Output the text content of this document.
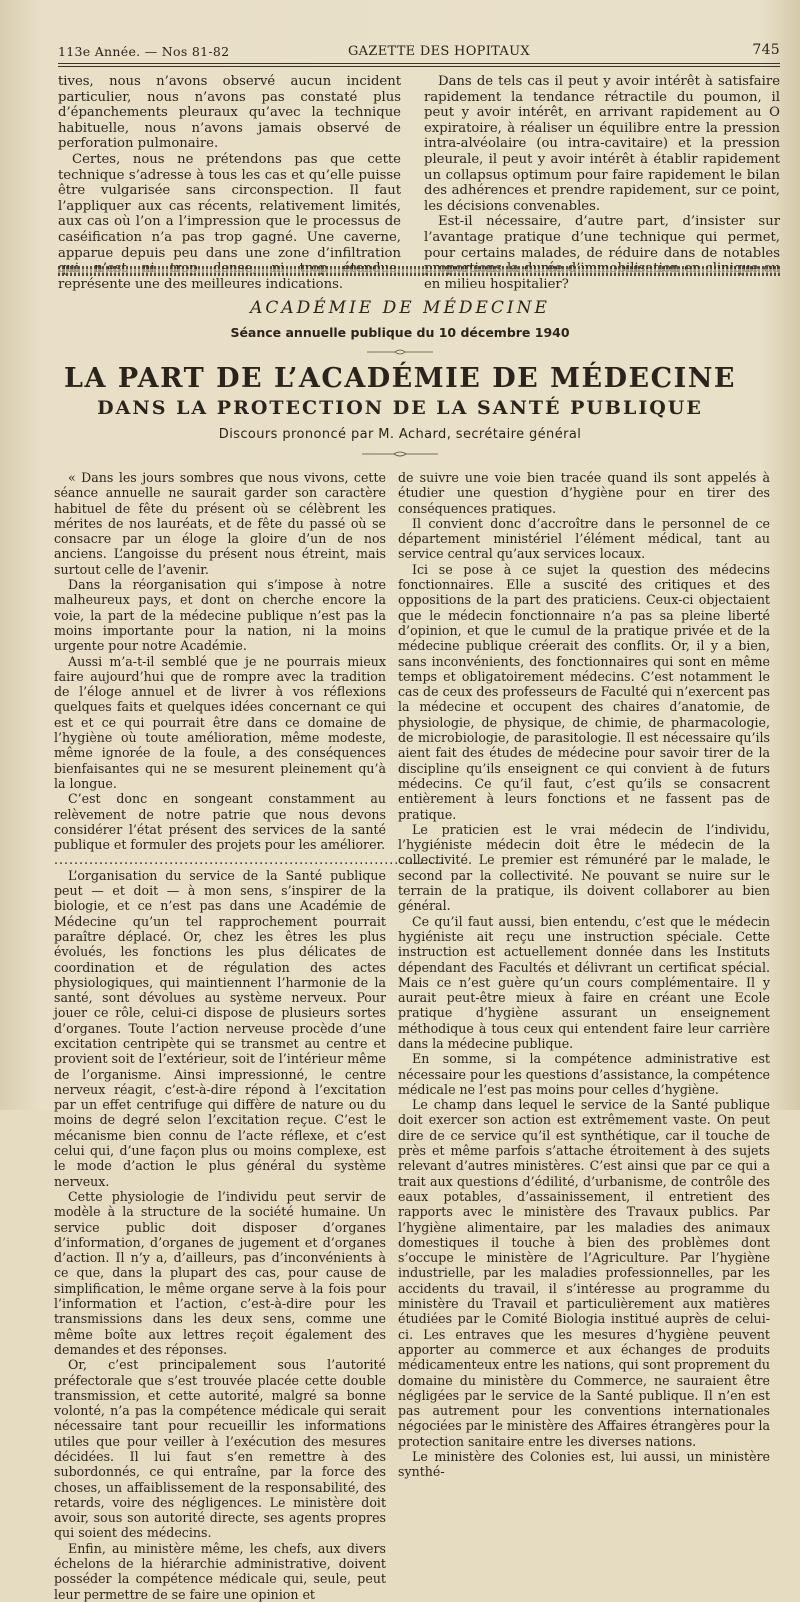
113e Année. — Nos 81-82	GAZETTE DES HOPITAUX	745

tives, nous n’avons observé aucun incident particulier, nous n’avons pas constaté plus d’épanchements pleuraux qu’avec la technique habituelle, nous n’avons jamais observé de perforation pulmonaire.

Certes, nous ne prétendons pas que cette technique s’adresse à tous les cas et qu’elle puisse être vulgarisée sans circonspection. Il faut l’appliquer aux cas récents, relativement limités, aux cas où l’on a l’impression que le processus de caséification n’a pas trop gagné. Une caverne, apparue depuis peu dans une zone d’infiltration représente une des meilleures indications.

Dans de tels cas il peut y avoir intérêt à satisfaire rapidement la tendance rétractile du poumon, il peut y avoir intérêt, en arrivant rapidement au O expiratoire, à réaliser un équilibre entre la pression intra-alvéolaire (ou intra-cavitaire) et la pression pleurale, il peut y avoir intérêt à établir rapidement un collapsus optimum pour faire rapidement le bilan des adhérences et prendre rapidement, sur ce point, les décisions convenables.

Est-il nécessaire, d’autre part, d’insister sur l’avantage pratique d’une technique qui permet, pour certains malades, de réduire dans de notables en milieu hospitalier?

ACADÉMIE DE MÉDECINE
Séance annuelle publique du 10 décembre 1940
LA PART DE L’ACADÉMIE DE MÉDECINE
DANS LA PROTECTION DE LA SANTÉ PUBLIQUE
Discours prononcé par M. Achard, secrétaire général

« Dans les jours sombres que nous vivons, cette séance annuelle ne saurait garder son caractère habituel de fête du présent où se célèbrent les mérites de nos lauréats, et de fête du passé où se consacre par un éloge la gloire d’un de nos anciens. L’angoisse du présent nous étreint, mais surtout celle de l’avenir.

Dans la réorganisation qui s’impose à notre malheureux pays, et dont on cherche encore la voie, la part de la médecine publique n’est pas la moins importante pour la nation, ni la moins urgente pour notre Académie.

Aussi m’a-t-il semblé que je ne pourrais mieux faire aujourd’hui que de rompre avec la tradition de l’éloge annuel et de livrer à vos réflexions quelques faits et quelques idées concernant ce qui est et ce qui pourrait être dans ce domaine de l’hygiène où toute amélioration, même modeste, même ignorée de la foule, a des conséquences bienfaisantes qui ne se mesurent pleinement qu’à la longue.

C’est donc en songeant constamment au relèvement de notre patrie que nous devons considérer l’état présent des services de la santé publique et formuler des projets pour les améliorer.

..............................................................................

L’organisation du service de la Santé publique peut — et doit — à mon sens, s’inspirer de la biologie, et ce n’est pas dans une Académie de Médecine qu’un tel rapprochement pourrait paraître déplacé. Or, chez les êtres les plus évolués, les fonctions les plus délicates de coordination et de régulation des actes physiologiques, qui maintiennent l’harmonie de la santé, sont dévolues au système nerveux. Pour jouer ce rôle, celui-ci dispose de plusieurs sortes d’organes. Toute l’action nerveuse procède d’une excitation centripète qui se transmet au centre et provient soit de l’extérieur, soit de l’intérieur même de l’organisme. Ainsi impressionné, le centre nerveux réagit, c’est-à-dire répond à l’excitation par un effet centrifuge qui diffère de nature ou du moins de degré selon l’excitation reçue. C’est le mécanisme bien connu de l’acte réflexe, et c’est celui qui, d’une façon plus ou moins complexe, est le mode d’action le plus général du système nerveux.

Cette physiologie de l’individu peut servir de modèle à la structure de la société humaine. Un service public doit disposer d’organes d’information, d’organes de jugement et d’organes d’action. Il n’y a, d’ailleurs, pas d’inconvénients à ce que, dans la plupart des cas, pour cause de simplification, le même organe serve à la fois pour l’information et l’action, c’est-à-dire pour les transmissions dans les deux sens, comme une même boîte aux lettres reçoit également des demandes et des réponses.

Or, c’est principalement sous l’autorité préfectorale que s’est trouvée placée cette double transmission, et cette autorité, malgré sa bonne volonté, n’a pas la compétence médicale qui serait nécessaire tant pour recueillir les informations utiles que pour veiller à l’exécution des mesures décidées. Il lui faut s’en remettre à des subordonnés, ce qui entraîne, par la force des choses, un affaiblissement de la responsabilité, des retards, voire des négligences. Le ministère doit avoir, sous son autorité directe, ses agents propres qui soient des médecins.

Enfin, au ministère même, les chefs, aux divers échelons de la hiérarchie administrative, doivent posséder la compétence médicale qui, seule, peut leur permettre de se faire une opinion et

de suivre une voie bien tracée quand ils sont appelés à étudier une question d’hygiène pour en tirer des conséquences pratiques.

Il convient donc d’accroître dans le personnel de ce département ministériel l’élément médical, tant au service central qu’aux services locaux.

Ici se pose à ce sujet la question des médecins fonctionnaires. Elle a suscité des critiques et des oppositions de la part des praticiens. Ceux-ci objectaient que le médecin fonctionnaire n’a pas sa pleine liberté d’opinion, et que le cumul de la pratique privée et de la médecine publique créerait des conflits. Or, il y a bien, sans inconvénients, des fonctionnaires qui sont en même temps et obligatoirement médecins. C’est notamment le cas de ceux des professeurs de Faculté qui n’exercent pas la médecine et occupent des chaires d’anatomie, de physiologie, de physique, de chimie, de pharmacologie, de microbiologie, de parasitologie. Il est nécessaire qu’ils aient fait des études de médecine pour savoir tirer de la discipline qu’ils enseignent ce qui convient à de futurs médecins. Ce qu’il faut, c’est qu’ils se consacrent entièrement à leurs fonctions et ne fassent pas de pratique.

Le praticien est le vrai médecin de l’individu, l’hygiéniste médecin doit être le médecin de la collectivité. Le premier est rémunéré par le malade, le second par la collectivité. Ne pouvant se nuire sur le terrain de la pratique, ils doivent collaborer au bien général.

Ce qu’il faut aussi, bien entendu, c’est que le médecin hygiéniste ait reçu une instruction spéciale. Cette instruction est actuellement donnée dans les Instituts dépendant des Facultés et délivrant un certificat spécial. Mais ce n’est guère qu’un cours complémentaire. Il y aurait peut-être mieux à faire en créant une Ecole pratique d’hygiène assurant un enseignement méthodique à tous ceux qui entendent faire leur carrière dans la médecine publique.

En somme, si la compétence administrative est nécessaire pour les questions d’assistance, la compétence médicale ne l’est pas moins pour celles d’hygiène.

Le champ dans lequel le service de la Santé publique doit exercer son action est extrêmement vaste. On peut dire de ce service qu’il est synthétique, car il touche de près et même parfois s’attache étroitement à des sujets relevant d’autres ministères. C’est ainsi que par ce qui a trait aux questions d’édilité, d’urbanisme, de contrôle des eaux potables, d’assainissement, il entretient des rapports avec le ministère des Travaux publics. Par l’hygiène alimentaire, par les maladies des animaux domestiques il touche à bien des problèmes dont s’occupe le ministère de l’Agriculture. Par l’hygiène industrielle, par les maladies professionnelles, par les accidents du travail, il s’intéresse au programme du ministère du Travail et particulièrement aux matières étudiées par le Comité Biologia institué auprès de celui-ci. Les entraves que les mesures d’hygiène peuvent apporter au commerce et aux échanges de produits médicamenteux entre les nations, qui sont proprement du domaine du ministère du Commerce, ne sauraient être négligées par le service de la Santé publique. Il n’en est pas autrement pour les conventions internationales négociées par le ministère des Affaires étrangères pour la protection sanitaire entre les diverses nations.

Le ministère des Colonies est, lui aussi, un ministère synthé-
